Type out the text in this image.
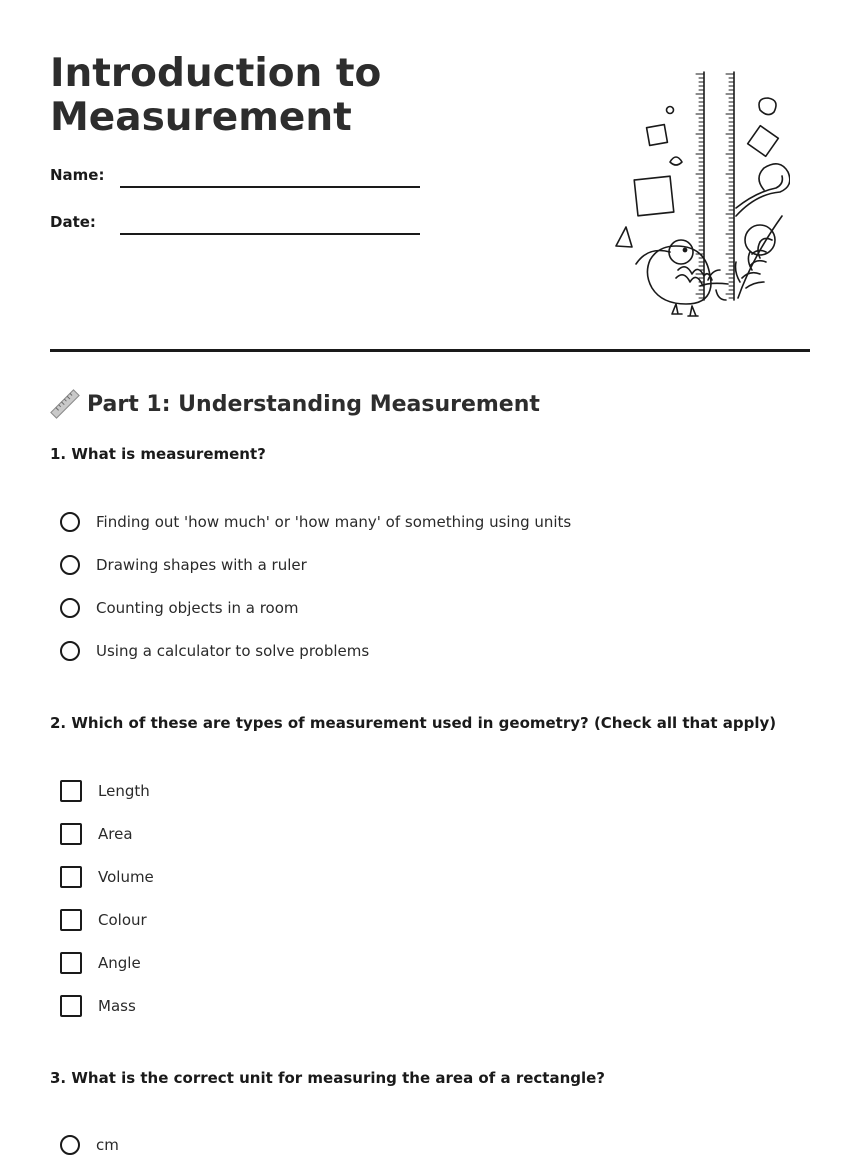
Introduction to
Measurement
Name:
Date:
Part 1: Understanding Measurement
1. What is measurement?
Finding out 'how much' or 'how many' of something using units
Drawing shapes with a ruler
Counting objects in a room
Using a calculator to solve problems
2. Which of these are types of measurement used in geometry? (Check all that apply)
Length
Area
Volume
Colour
Angle
Mass
3. What is the correct unit for measuring the area of a rectangle?
cm
